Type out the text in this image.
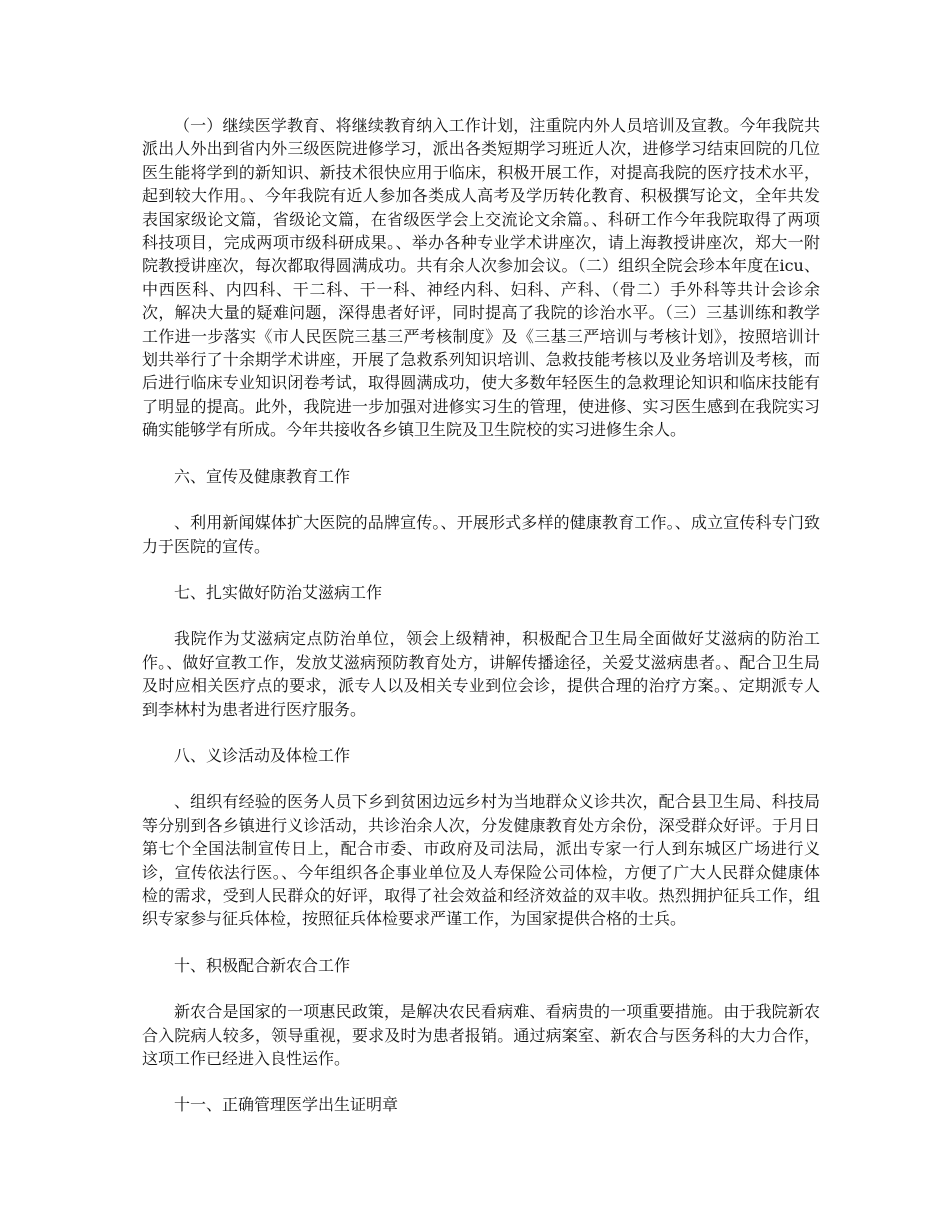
（一）继续医学教育、将继续教育纳入工作计划，注重院内外人员培训及宣教。今年我院共派出人外出到省内外三级医院进修学习，派出各类短期学习班近人次，进修学习结束回院的几位医生能将学到的新知识、新技术很快应用于临床，积极开展工作，对提高我院的医疗技术水平，起到较大作用。、今年我院有近人参加各类成人高考及学历转化教育、积极撰写论文，全年共发表国家级论文篇，省级论文篇，在省级医学会上交流论文余篇。、科研工作今年我院取得了两项科技项目，完成两项市级科研成果。、举办各种专业学术讲座次，请上海教授讲座次，郑大一附院教授讲座次，每次都取得圆满成功。共有余人次参加会议。（二）组织全院会珍本年度在icu、中西医科、内四科、干二科、干一科、神经内科、妇科、产科、（骨二）手外科等共计会诊余次，解决大量的疑难问题，深得患者好评，同时提高了我院的诊治水平。（三）三基训练和教学工作进一步落实《市人民医院三基三严考核制度》及《三基三严培训与考核计划》，按照培训计划共举行了十余期学术讲座，开展了急救系列知识培训、急救技能考核以及业务培训及考核，而后进行临床专业知识闭卷考试，取得圆满成功，使大多数年轻医生的急救理论知识和临床技能有了明显的提高。此外，我院进一步加强对进修实习生的管理，使进修、实习医生感到在我院实习确实能够学有所成。今年共接收各乡镇卫生院及卫生院校的实习进修生余人。

六、宣传及健康教育工作

、利用新闻媒体扩大医院的品牌宣传。、开展形式多样的健康教育工作。、成立宣传科专门致力于医院的宣传。

七、扎实做好防治艾滋病工作

我院作为艾滋病定点防治单位，领会上级精神，积极配合卫生局全面做好艾滋病的防治工作。、做好宣教工作，发放艾滋病预防教育处方，讲解传播途径，关爱艾滋病患者。、配合卫生局及时应相关医疗点的要求，派专人以及相关专业到位会诊，提供合理的治疗方案。、定期派专人到李林村为患者进行医疗服务。

八、义诊活动及体检工作

、组织有经验的医务人员下乡到贫困边远乡村为当地群众义诊共次，配合县卫生局、科技局等分别到各乡镇进行义诊活动，共诊治余人次，分发健康教育处方余份，深受群众好评。于月日第七个全国法制宣传日上，配合市委、市政府及司法局，派出专家一行人到东城区广场进行义诊，宣传依法行医。、今年组织各企事业单位及人寿保险公司体检，方便了广大人民群众健康体检的需求，受到人民群众的好评，取得了社会效益和经济效益的双丰收。热烈拥护征兵工作，组织专家参与征兵体检，按照征兵体检要求严谨工作，为国家提供合格的士兵。

十、积极配合新农合工作

新农合是国家的一项惠民政策，是解决农民看病难、看病贵的一项重要措施。由于我院新农合入院病人较多，领导重视，要求及时为患者报销。通过病案室、新农合与医务科的大力合作，这项工作已经进入良性运作。

十一、正确管理医学出生证明章
